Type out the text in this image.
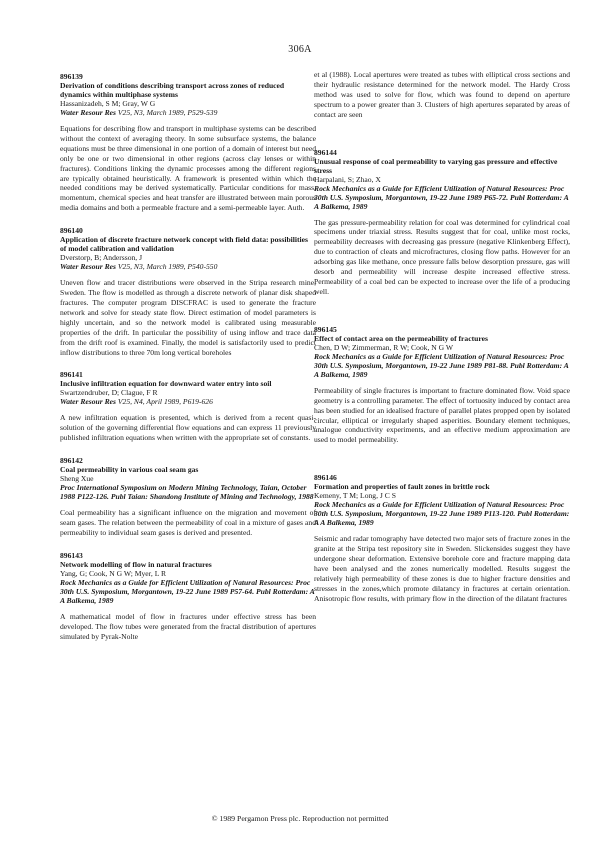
306A
896139
Derivation of conditions describing transport across zones of reduced dynamics within multiphase systems
Hassanizadeh, S M; Gray, W G
Water Resour Res V25, N3, March 1989, P529-539
Equations for describing flow and transport in multiphase systems can be described without the context of averaging theory. In some subsurface systems, the balance equations must be three dimensional in one portion of a domain of interest but need only be one or two dimensional in other regions (across clay lenses or within fractures). Conditions linking the dynamic processes among the different regions are typically obtained heuristically. A framework is presented within which the needed conditions may be derived systematically. Particular conditions for mass, momentum, chemical species and heat transfer are illustrated between main porous media domains and both a permeable fracture and a semi-permeable layer. Auth.
896140
Application of discrete fracture network concept with field data: possibilities of model calibration and validation
Dverstorp, B; Andersson, J
Water Resour Res V25, N3, March 1989, P540-550
Uneven flow and tracer distributions were observed in the Stripa research mine, Sweden. The flow is modelled as through a discrete network of planar disk shaped fractures. The computer program DISCFRAC is used to generate the fracture network and solve for steady state flow. Direct estimation of model parameters is highly uncertain, and so the network model is calibrated using measurable properties of the drift. In particular the possibility of using inflow and trace data from the drift roof is examined. Finally, the model is satisfactorily used to predict inflow distributions to three 70m long vertical boreholes
896141
Inclusive infiltration equation for downward water entry into soil
Swartzendruber, D; Clague, F R
Water Resour Res V25, N4, April 1989, P619-626
A new infiltration equation is presented, which is derived from a recent quasi-solution of the governing differential flow equations and can express 11 previously published infiltration equations when written with the appropriate set of constants.
896142
Coal permeability in various coal seam gas
Sheng Xue
Proc International Symposium on Modern Mining Technology, Taian, October 1988 P122-126. Publ Taian: Shandong Institute of Mining and Technology, 1988
Coal permeability has a significant influence on the migration and movement of seam gases. The relation between the permeability of coal in a mixture of gases and permeability to individual seam gases is derived and presented.
896143
Network modelling of flow in natural fractures
Yang, G; Cook, N G W; Myer, L R
Rock Mechanics as a Guide for Efficient Utilization of Natural Resources: Proc 30th U.S. Symposium, Morgantown, 19-22 June 1989 P57-64. Publ Rotterdam: A A Balkema, 1989
A mathematical model of flow in fractures under effective stress has been developed. The flow tubes were generated from the fractal distribution of apertures simulated by Pyrak-Nolte
et al (1988). Local apertures were treated as tubes with elliptical cross sections and their hydraulic resistance determined for the network model. The Hardy Cross method was used to solve for flow, which was found to depend on aperture spectrum to a power greater than 3. Clusters of high apertures separated by areas of contact are seen
896144
Unusual response of coal permeability to varying gas pressure and effective stress
Harpalani, S; Zhao, X
Rock Mechanics as a Guide for Efficient Utilization of Natural Resources: Proc 30th U.S. Symposium, Morgantown, 19-22 June 1989 P65-72. Publ Rotterdam: A A Balkema, 1989
The gas pressure-permeability relation for coal was determined for cylindrical coal specimens under triaxial stress. Results suggest that for coal, unlike most rocks, permeability decreases with decreasing gas pressure (negative Klinkenberg Effect), due to contraction of cleats and microfractures, closing flow paths. However for an adsorbing gas like methane, once pressure falls below desorption pressure, gas will desorb and permeability will increase despite increased effective stress. Permeability of a coal bed can be expected to increase over the life of a producing well.
896145
Effect of contact area on the permeability of fractures
Chen, D W; Zimmerman, R W; Cook, N G W
Rock Mechanics as a Guide for Efficient Utilization of Natural Resources: Proc 30th U.S. Symposium, Morgantown, 19-22 June 1989 P81-88. Publ Rotterdam: A A Balkema, 1989
Permeability of single fractures is important to fracture dominated flow. Void space geometry is a controlling parameter. The effect of tortuosity induced by contact area has been studied for an idealised fracture of parallel plates propped open by isolated circular, elliptical or irregularly shaped asperities. Boundary element techniques, analogue conductivity experiments, and an effective medium approximation are used to model permeability.
896146
Formation and properties of fault zones in brittle rock
Kemeny, T M; Long, J C S
Rock Mechanics as a Guide for Efficient Utilization of Natural Resources: Proc 30th U.S. Symposium, Morgantown, 19-22 June 1989 P113-120. Publ Rotterdam: A A Balkema, 1989
Seismic and radar tomography have detected two major sets of fracture zones in the granite at the Stripa test repository site in Sweden. Slickensides suggest they have undergone shear deformation. Extensive borehole core and fracture mapping data have been analysed and the zones numerically modelled. Results suggest the relatively high permeability of these zones is due to higher fracture densities and stresses in the zones,which promote dilatancy in fractures at certain orientation. Anisotropic flow results, with primary flow in the direction of the dilatant fractures
© 1989 Pergamon Press plc. Reproduction not permitted
